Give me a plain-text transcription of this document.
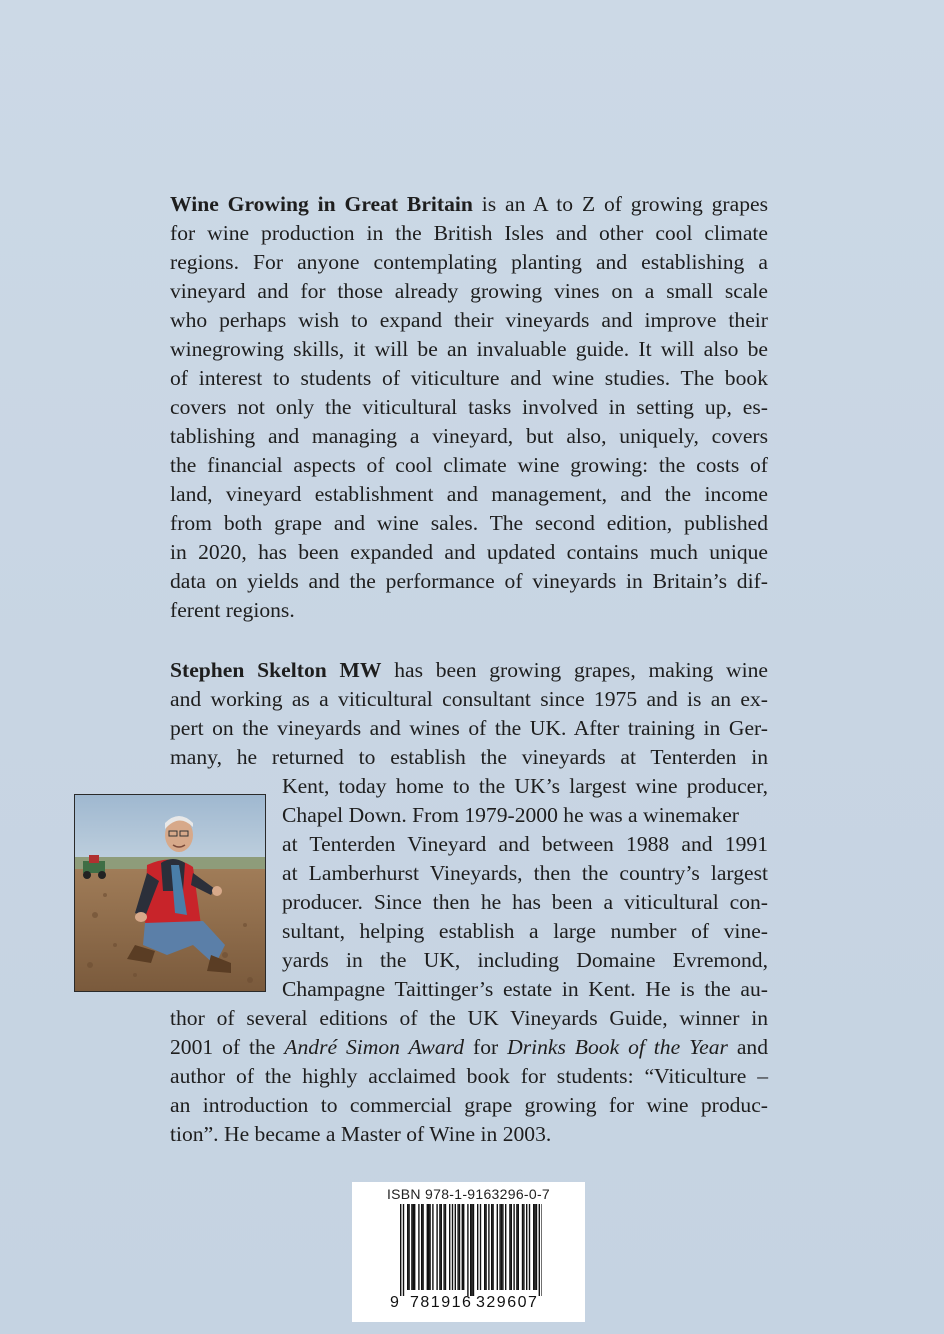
Wine Growing in Great Britain is an A to Z of growing grapes
for wine production in the British Isles and other cool climate
regions. For anyone contemplating planting and establishing a
vineyard and for those already growing vines on a small scale
who perhaps wish to expand their vineyards and improve their
winegrowing skills, it will be an invaluable guide. It will also be
of interest to students of viticulture and wine studies. The book
covers not only the viticultural tasks involved in setting up, es-
tablishing and managing a vineyard, but also, uniquely, covers
the financial aspects of cool climate wine growing: the costs of
land, vineyard establishment and management, and the income
from both grape and wine sales. The second edition, published
in 2020, has been expanded and updated contains much unique
data on yields and the performance of vineyards in Britain’s dif-
ferent regions.
Stephen Skelton MW has been growing grapes, making wine
and working as a viticultural consultant since 1975 and is an ex-
pert on the vineyards and wines of the UK. After training in Ger-
many, he returned to establish the vineyards at Tenterden in
Kent, today home to the UK’s largest wine producer,
Chapel Down. From 1979-2000 he was a winemaker
at Tenterden Vineyard and between 1988 and 1991
at Lamberhurst Vineyards, then the country’s largest
producer. Since then he has been a viticultural con-
sultant, helping establish a large number of vine-
yards in the UK, including Domaine Evremond,
Champagne Taittinger’s estate in Kent. He is the au-
thor of several editions of the UK Vineyards Guide, winner in
2001 of the André Simon Award for Drinks Book of the Year and
author of the highly acclaimed book for students: “Viticulture –
an introduction to commercial grape growing for wine produc-
tion”. He became a Master of Wine in 2003.
ISBN 978-1-9163296-0-7
9 781916 329607
